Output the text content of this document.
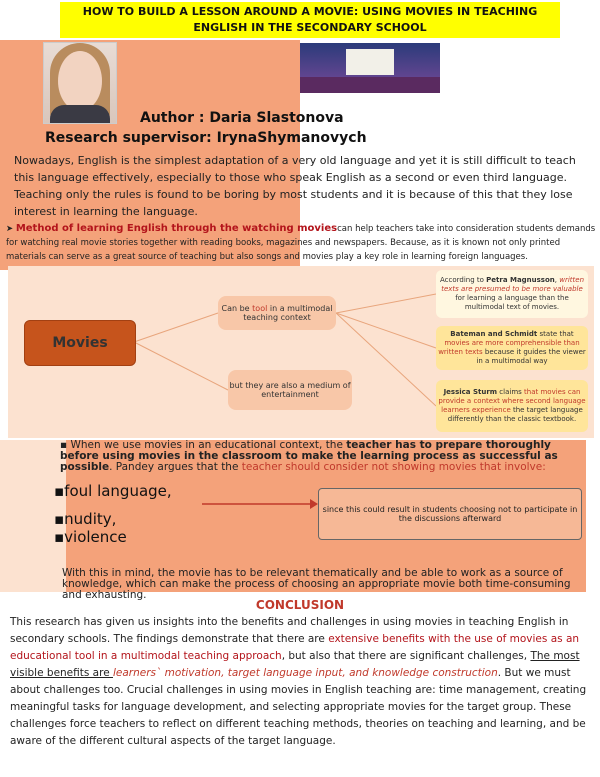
HOW TO BUILD A LESSON AROUND A MOVIE: USING MOVIES IN TEACHING ENGLISH IN THE SECONDARY SCHOOL
Author : Daria Slastonova
Research supervisor: IrynaShymanovych
Nowadays, English is the simplest adaptation of a very old language and yet it is still difficult to teach this language effectively, especially to those who speak English as a second or even third language. Teaching only the rules is found to be boring by most students and it is because of this that they lose interest in learning the language.
➤ Method of learning English through the watching moviescan help teachers take into consideration students demands for watching real movie stories together with reading books, magazines and newspapers. Because, as it is known not only printed materials can serve as a great source of teaching but also songs and movies play a key role in learning foreign languages.
Movies
Can be tool in a multimodal teaching context
but they are also a medium of entertainment
According to Petra Magnusson, written texts are presumed to be more valuable for learning a language than the multimodal text of movies.
Bateman and Schmidt state that movies are more comprehensible than written texts because it guides the viewer in a multimodal way
Jessica Sturm claims that movies can provide a context where second language learners experience the target language differently than the classic textbook.
▪ When we use movies in an educational context, the teacher has to prepare thoroughly before using movies in the classroom to make the learning process as successful as possible. Pandey argues that the teacher should consider not showing movies that involve:
▪foul language,
▪nudity,
▪violence
since this could result in students choosing not to participate in the discussions afterward
With this in mind, the movie has to be relevant thematically and be able to work as a source of knowledge, which can make the process of choosing an appropriate movie both time-consuming and exhausting.
CONCLUSION
This research has given us insights into the benefits and challenges in using movies in teaching English in secondary schools. The findings demonstrate that there are extensive benefits with the use of movies as an educational tool in a multimodal teaching approach, but also that there are significant challenges, The most visible benefits are learners` motivation, target language input, and knowledge construction. But we must about challenges too. Crucial challenges in using movies in English teaching are: time management, creating meaningful tasks for language development, and selecting appropriate movies for the target group. These challenges force teachers to reflect on different teaching methods, theories on teaching and learning, and be aware of the different cultural aspects of the target language.
